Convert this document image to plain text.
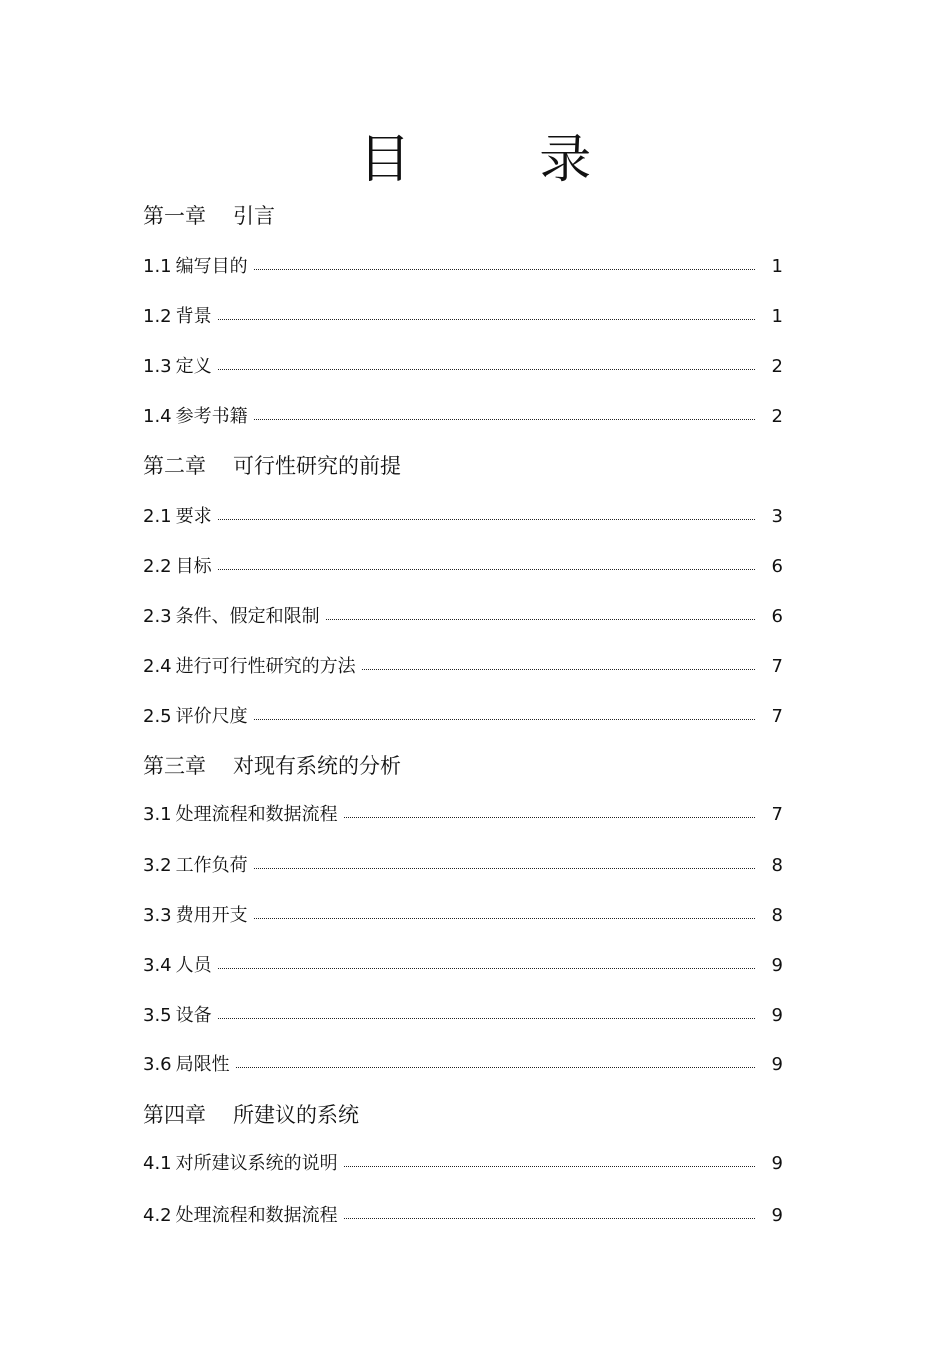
目 录
第一章 引言
1.1 编写目的	1
1.2 背景	1
1.3 定义	2
1.4 参考书籍	2
第二章 可行性研究的前提
2.1 要求	3
2.2 目标	6
2.3 条件、假定和限制	6
2.4 进行可行性研究的方法	7
2.5 评价尺度	7
第三章 对现有系统的分析
3.1 处理流程和数据流程	7
3.2 工作负荷	8
3.3 费用开支	8
3.4 人员	9
3.5 设备	9
3.6 局限性	9
第四章 所建议的系统
4.1 对所建议系统的说明	9
4.2 处理流程和数据流程	9
